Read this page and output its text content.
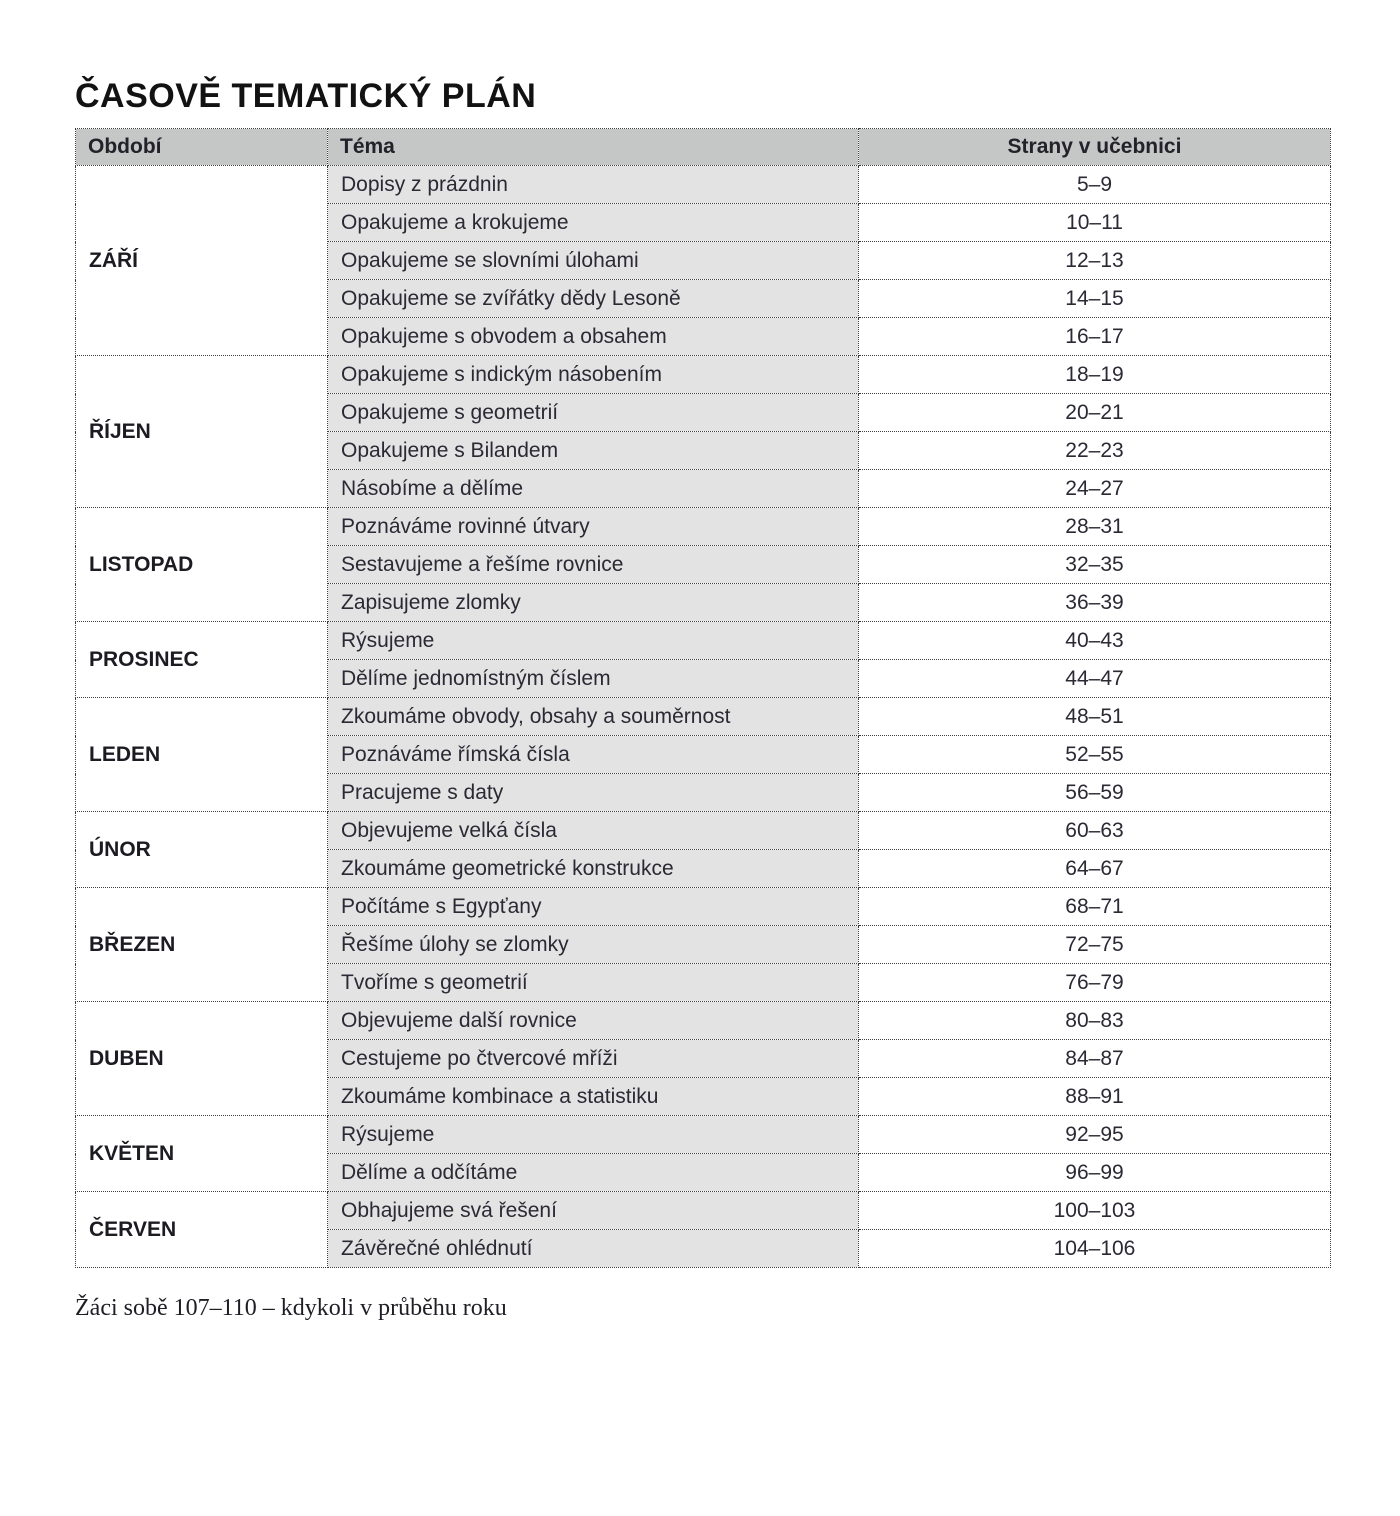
ČASOVĚ TEMATICKÝ PLÁN
Období	Téma	Strany v učebnici
ZÁŘÍ	Dopisy z prázdnin	5–9
	Opakujeme a krokujeme	10–11
	Opakujeme se slovními úlohami	12–13
	Opakujeme se zvířátky dědy Lesoně	14–15
	Opakujeme s obvodem a obsahem	16–17
ŘÍJEN	Opakujeme s indickým násobením	18–19
	Opakujeme s geometrií	20–21
	Opakujeme s Bilandem	22–23
	Násobíme a dělíme	24–27
LISTOPAD	Poznáváme rovinné útvary	28–31
	Sestavujeme a řešíme rovnice	32–35
	Zapisujeme zlomky	36–39
PROSINEC	Rýsujeme	40–43
	Dělíme jednomístným číslem	44–47
LEDEN	Zkoumáme obvody, obsahy a souměrnost	48–51
	Poznáváme římská čísla	52–55
	Pracujeme s daty	56–59
ÚNOR	Objevujeme velká čísla	60–63
	Zkoumáme geometrické konstrukce	64–67
BŘEZEN	Počítáme s Egypťany	68–71
	Řešíme úlohy se zlomky	72–75
	Tvoříme s geometrií	76–79
DUBEN	Objevujeme další rovnice	80–83
	Cestujeme po čtvercové mříži	84–87
	Zkoumáme kombinace a statistiku	88–91
KVĚTEN	Rýsujeme	92–95
	Dělíme a odčítáme	96–99
ČERVEN	Obhajujeme svá řešení	100–103
	Závěrečné ohlédnutí	104–106

Žáci sobě 107–110 – kdykoli v průběhu roku
